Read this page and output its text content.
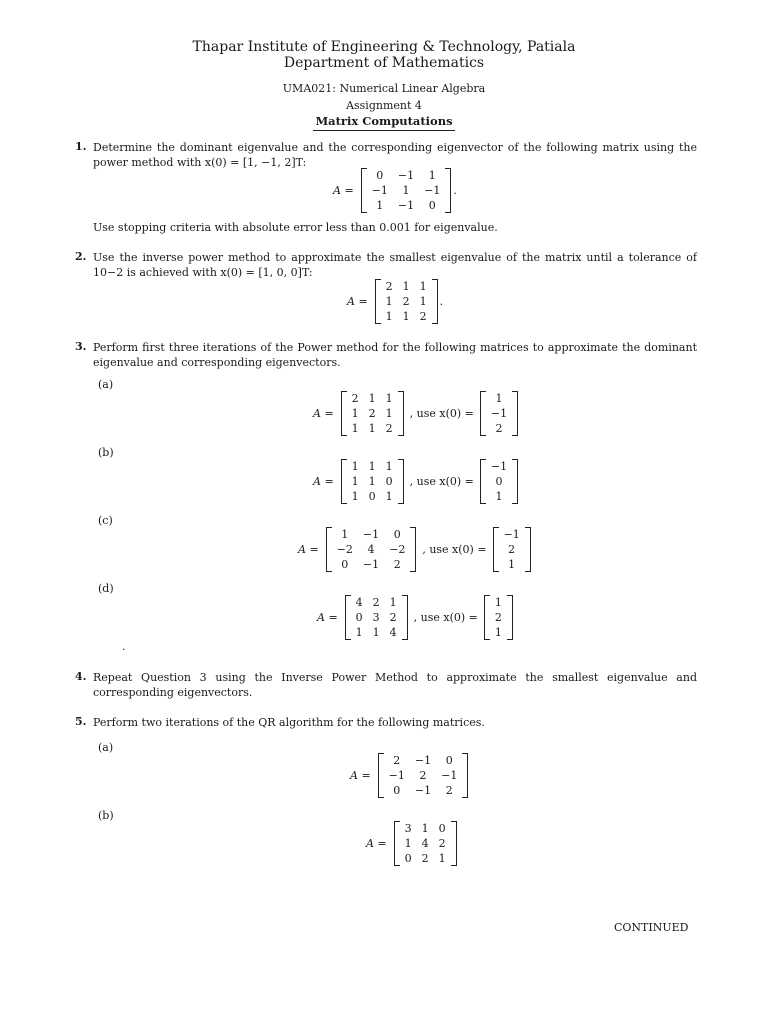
Thapar Institute of Engineering & Technology, Patiala
Department of Mathematics
UMA021: Numerical Linear Algebra
Assignment 4
Matrix Computations
1. Determine the dominant eigenvalue and the corresponding eigenvector of the following matrix using the power method with x(0) = [1, −1, 2]T:
A =
0	−1	1
−1	1	−1
1	−1	0
.
Use stopping criteria with absolute error less than 0.001 for eigenvalue.
2. Use the inverse power method to approximate the smallest eigenvalue of the matrix until a tolerance of 10−2 is achieved with x(0) = [1, 0, 0]T:
A =
2	1	1
1	2	1
1	1	2
.
3. Perform first three iterations of the Power method for the following matrices to approximate the dominant eigenvalue and corresponding eigenvectors.
(a)
A =
2	1	1
1	2	1
1	1	2
, use x(0) =
1
−1
2
(b)
A =
1	1	1
1	1	0
1	0	1
, use x(0) =
−1
0
1
(c)
A =
1	−1	0
−2	4	−2
0	−1	2
, use x(0) =
−1
2
1
(d)
A =
4	2	1
0	3	2
1	1	4
, use x(0) =
1
2
1
.
4. Repeat Question 3 using the Inverse Power Method to approximate the smallest eigenvalue and corresponding eigenvectors.
5. Perform two iterations of the QR algorithm for the following matrices.
(a)
A =
2	−1	0
−1	2	−1
0	−1	2
(b)
A =
3	1	0
1	4	2
0	2	1
CONTINUED
